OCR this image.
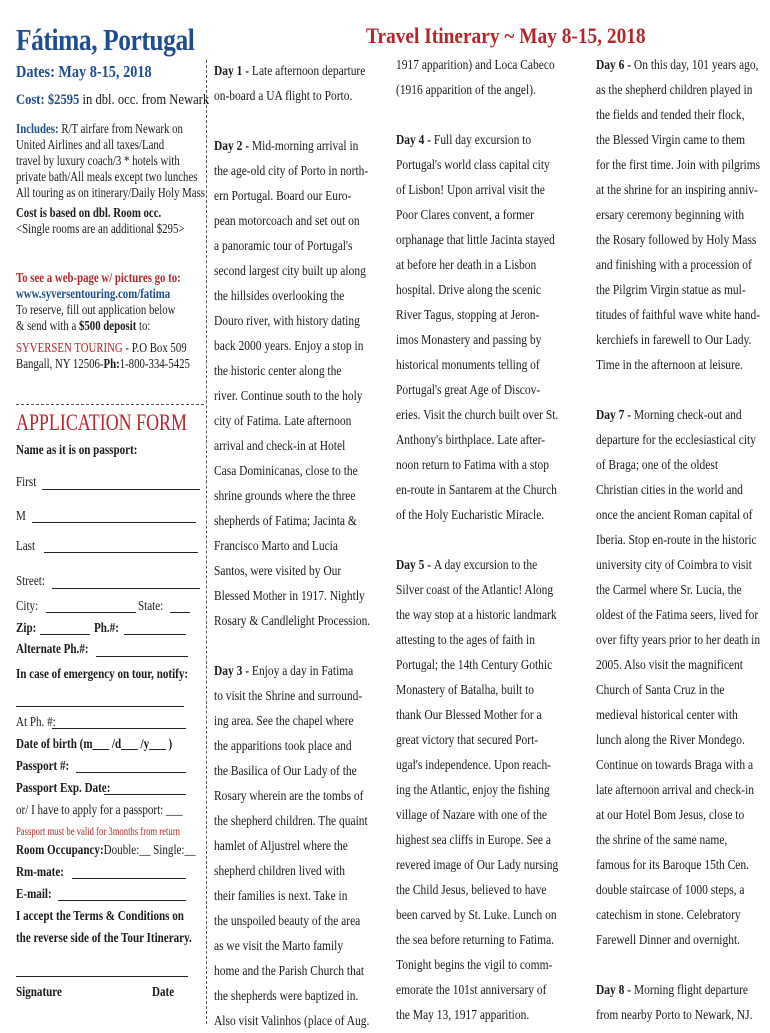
Fátima, Portugal	Travel Itinerary ~ May 8-15, 2018
Dates: May 8-15, 2018
Cost: $2595 in dbl. occ. from Newark
Includes: R/T airfare from Newark on
United Airlines and all taxes/Land
travel by luxury coach/3 * hotels with
private bath/All meals except two lunches
All touring as on itinerary/Daily Holy Mass
Cost is based on dbl. Room occ.
<Single rooms are an additional $295>
To see a web-page w/ pictures go to:
www.syversentouring.com/fatima
To reserve, fill out application below
& send with a $500 deposit to:
SYVERSEN TOURING - P.O Box 509
Bangall, NY 12506-Ph:1-800-334-5425
APPLICATION FORM
Name as it is on passport:
First
M
Last
Street:
City:	State:
Zip:	Ph.#:
Alternate Ph.#:
In case of emergency on tour, notify:
At Ph. #:
Date of birth (m___ /d___ /y___ )
Passport #:
Passport Exp. Date:
or/ I have to apply for a passport: ___
Passport must be valid for 3months from return
Room Occupancy:Double:__ Single:__
Rm-mate:
E-mail:
I accept the Terms & Conditions on
the reverse side of the Tour Itinerary.
Signature	Date
Day 1 - Late afternoon departure
on-board a UA flight to Porto.
Day 2 - Mid-morning arrival in
the age-old city of Porto in north-
ern Portugal. Board our Euro-
pean motorcoach and set out on
a panoramic tour of Portugal's
second largest city built up along
the hillsides overlooking the
Douro river, with history dating
back 2000 years. Enjoy a stop in
the historic center along the
river. Continue south to the holy
city of Fatima. Late afternoon
arrival and check-in at Hotel
Casa Dominicanas, close to the
shrine grounds where the three
shepherds of Fatima; Jacinta &
Francisco Marto and Lucia
Santos, were visited by Our
Blessed Mother in 1917. Nightly
Rosary & Candlelight Procession.
Day 3 - Enjoy a day in Fatima
to visit the Shrine and surround-
ing area. See the chapel where
the apparitions took place and
the Basilica of Our Lady of the
Rosary wherein are the tombs of
the shepherd children. The quaint
hamlet of Aljustrel where the
shepherd children lived with
their families is next. Take in
the unspoiled beauty of the area
as we visit the Marto family
home and the Parish Church that
the shepherds were baptized in.
Also visit Valinhos (place of Aug.
1917 apparition) and Loca Cabeco
(1916 apparition of the angel).
Day 4 - Full day excursion to
Portugal's world class capital city
of Lisbon! Upon arrival visit the
Poor Clares convent, a former
orphanage that little Jacinta stayed
at before her death in a Lisbon
hospital. Drive along the scenic
River Tagus, stopping at Jeron-
imos Monastery and passing by
historical monuments telling of
Portugal's great Age of Discov-
eries. Visit the church built over St.
Anthony's birthplace. Late after-
noon return to Fatima with a stop
en-route in Santarem at the Church
of the Holy Eucharistic Miracle.
Day 5 - A day excursion to the
Silver coast of the Atlantic! Along
the way stop at a historic landmark
attesting to the ages of faith in
Portugal; the 14th Century Gothic
Monastery of Batalha, built to
thank Our Blessed Mother for a
great victory that secured Port-
ugal's independence. Upon reach-
ing the Atlantic, enjoy the fishing
village of Nazare with one of the
highest sea cliffs in Europe. See a
revered image of Our Lady nursing
the Child Jesus, believed to have
been carved by St. Luke. Lunch on
the sea before returning to Fatima.
Tonight begins the vigil to comm-
emorate the 101st anniversary of
the May 13, 1917 apparition.
Day 6 - On this day, 101 years ago,
as the shepherd children played in
the fields and tended their flock,
the Blessed Virgin came to them
for the first time. Join with pilgrims
at the shrine for an inspiring anniv-
ersary ceremony beginning with
the Rosary followed by Holy Mass
and finishing with a procession of
the Pilgrim Virgin statue as mul-
titudes of faithful wave white hand-
kerchiefs in farewell to Our Lady.
Time in the afternoon at leisure.
Day 7 - Morning check-out and
departure for the ecclesiastical city
of Braga; one of the oldest
Christian cities in the world and
once the ancient Roman capital of
Iberia. Stop en-route in the historic
university city of Coimbra to visit
the Carmel where Sr. Lucia, the
oldest of the Fatima seers, lived for
over fifty years prior to her death in
2005. Also visit the magnificent
Church of Santa Cruz in the
medieval historical center with
lunch along the River Mondego.
Continue on towards Braga with a
late afternoon arrival and check-in
at our Hotel Bom Jesus, close to
the shrine of the same name,
famous for its Baroque 15th Cen.
double staircase of 1000 steps, a
catechism in stone. Celebratory
Farewell Dinner and overnight.
Day 8 - Morning flight departure
from nearby Porto to Newark, NJ.
